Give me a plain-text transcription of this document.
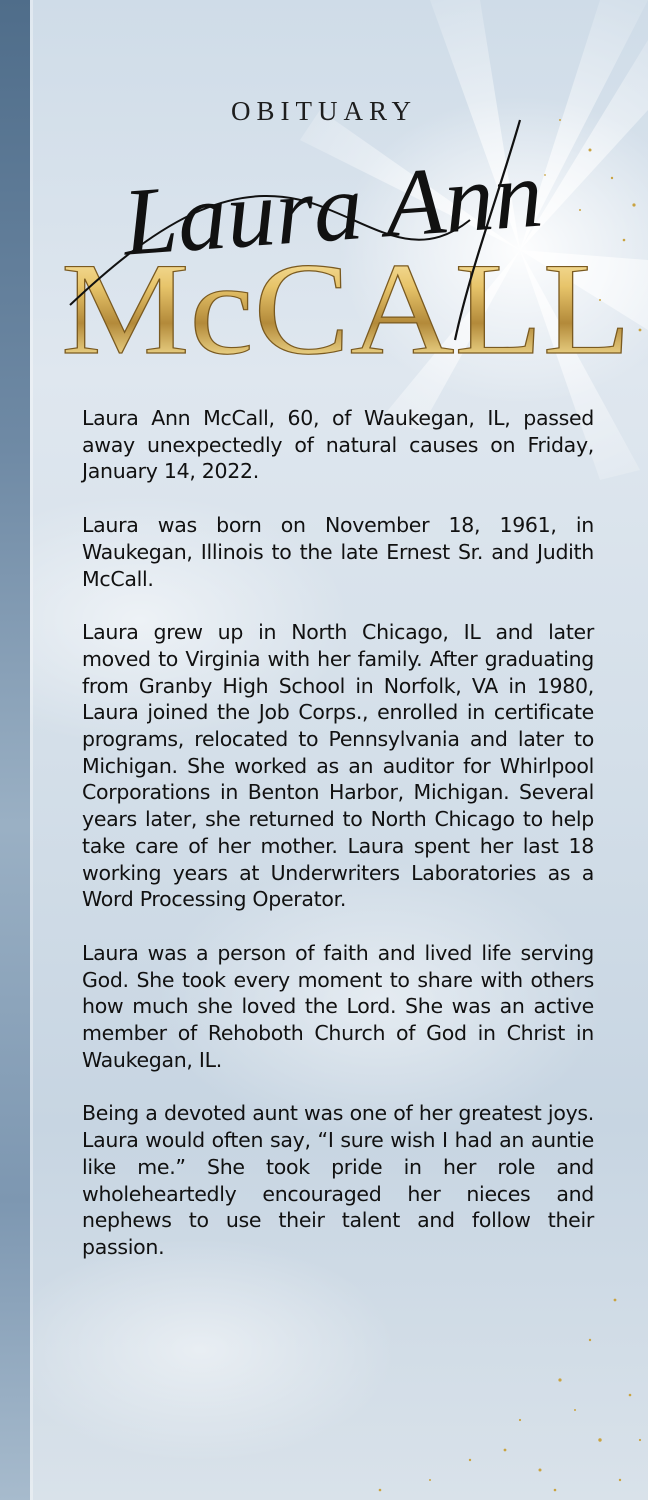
OBITUARY
McCALL
Laura Ann

Laura Ann McCall, 60, of Waukegan, IL, passed away unexpectedly of natural causes on Friday, January 14, 2022.

Laura was born on November 18, 1961, in Waukegan, Illinois to the late Ernest Sr. and Judith McCall.

Laura grew up in North Chicago, IL and later moved to Virginia with her family. After graduating from Granby High School in Norfolk, VA in 1980, Laura joined the Job Corps., enrolled in certificate programs, relocated to Pennsylvania and later to Michigan. She worked as an auditor for Whirlpool Corporations in Benton Harbor, Michigan. Several years later, she returned to North Chicago to help take care of her mother. Laura spent her last 18 working years at Underwriters Laboratories as a Word Processing Operator.

Laura was a person of faith and lived life serving God. She took every moment to share with others how much she loved the Lord. She was an active member of Rehoboth Church of God in Christ in Waukegan, IL.

Being a devoted aunt was one of her greatest joys. Laura would often say, “I sure wish I had an auntie like me.” She took pride in her role and wholeheartedly encouraged her nieces and nephews to use their talent and follow their passion.
